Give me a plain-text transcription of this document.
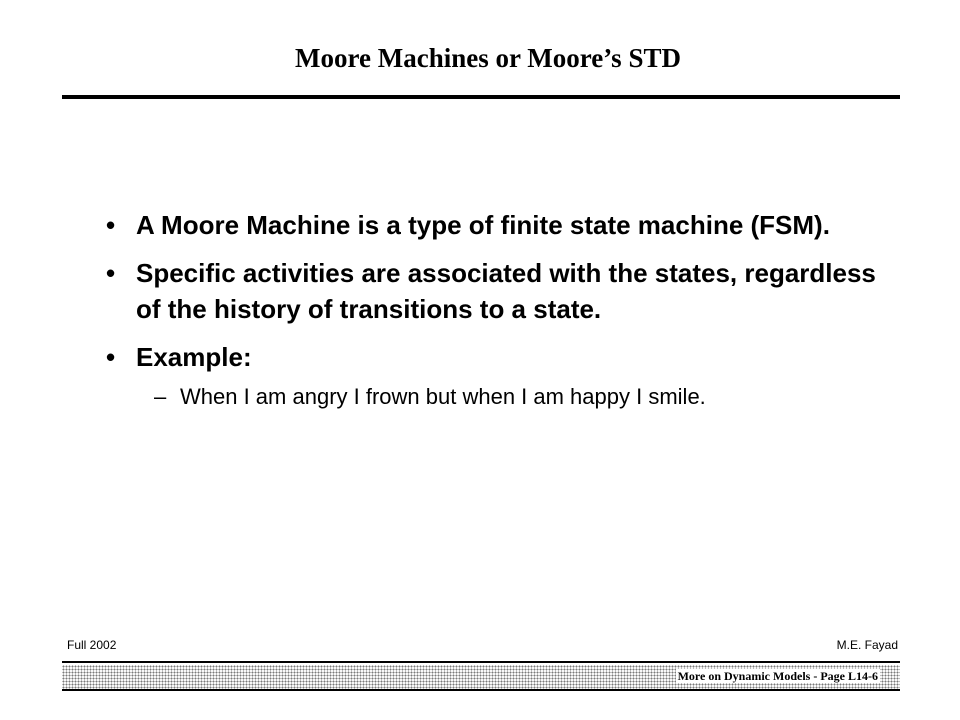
Moore Machines or Moore’s STD
• A Moore Machine is a type of finite state machine (FSM).
• Specific activities are associated with the states, regardless of the history of transitions to a state.
• Example:
– When I am angry I frown but when I am happy I smile.
Full 2002	M.E. Fayad
More on Dynamic Models - Page L14-6
